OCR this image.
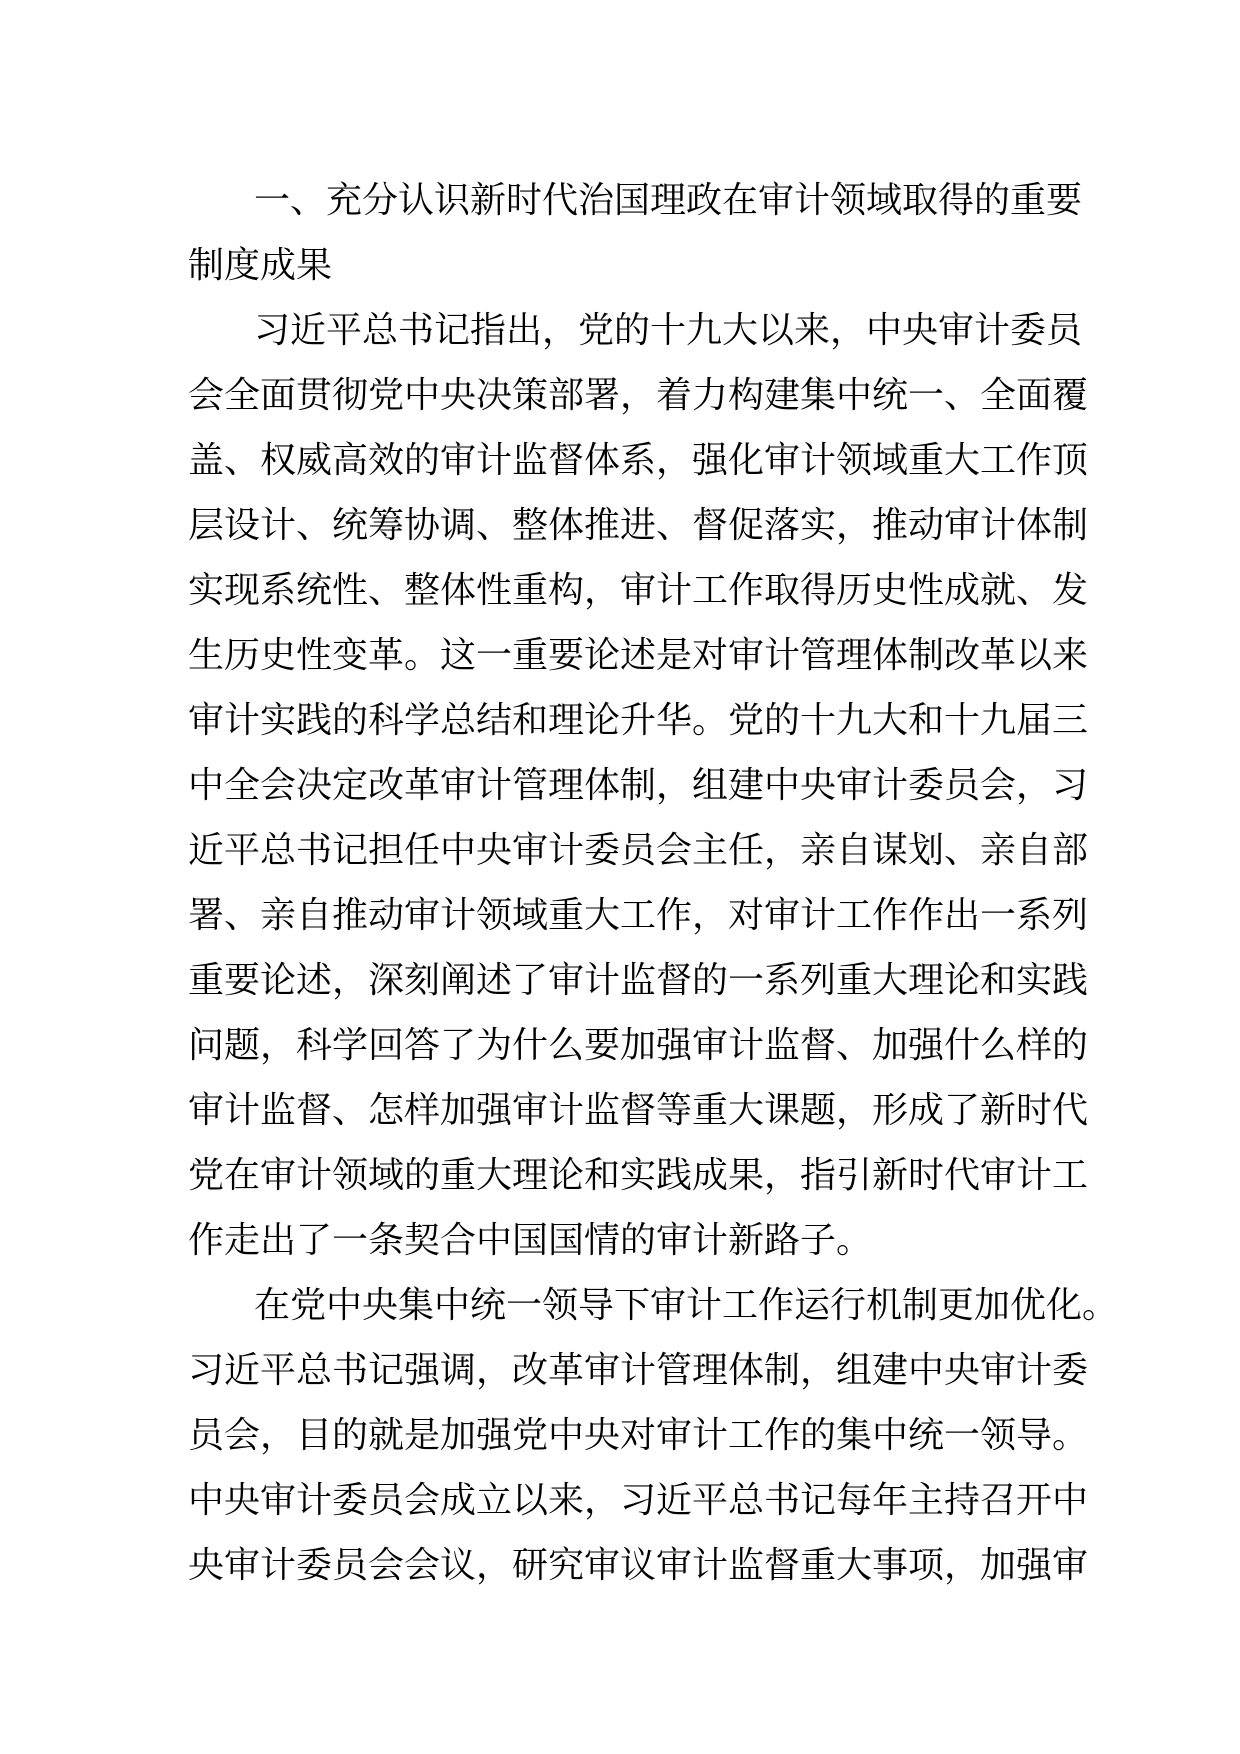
一、充分认识新时代治国理政在审计领域取得的重要
制度成果
习近平总书记指出，党的十九大以来，中央审计委员
会全面贯彻党中央决策部署，着力构建集中统一、全面覆
盖、权威高效的审计监督体系，强化审计领域重大工作顶
层设计、统筹协调、整体推进、督促落实，推动审计体制
实现系统性、整体性重构，审计工作取得历史性成就、发
生历史性变革。这一重要论述是对审计管理体制改革以来
审计实践的科学总结和理论升华。党的十九大和十九届三
中全会决定改革审计管理体制，组建中央审计委员会，习
近平总书记担任中央审计委员会主任，亲自谋划、亲自部
署、亲自推动审计领域重大工作，对审计工作作出一系列
重要论述，深刻阐述了审计监督的一系列重大理论和实践
问题，科学回答了为什么要加强审计监督、加强什么样的
审计监督、怎样加强审计监督等重大课题，形成了新时代
党在审计领域的重大理论和实践成果，指引新时代审计工
作走出了一条契合中国国情的审计新路子。
在党中央集中统一领导下审计工作运行机制更加优化。
习近平总书记强调，改革审计管理体制，组建中央审计委
员会，目的就是加强党中央对审计工作的集中统一领导。
中央审计委员会成立以来，习近平总书记每年主持召开中
央审计委员会会议，研究审议审计监督重大事项，加强审
